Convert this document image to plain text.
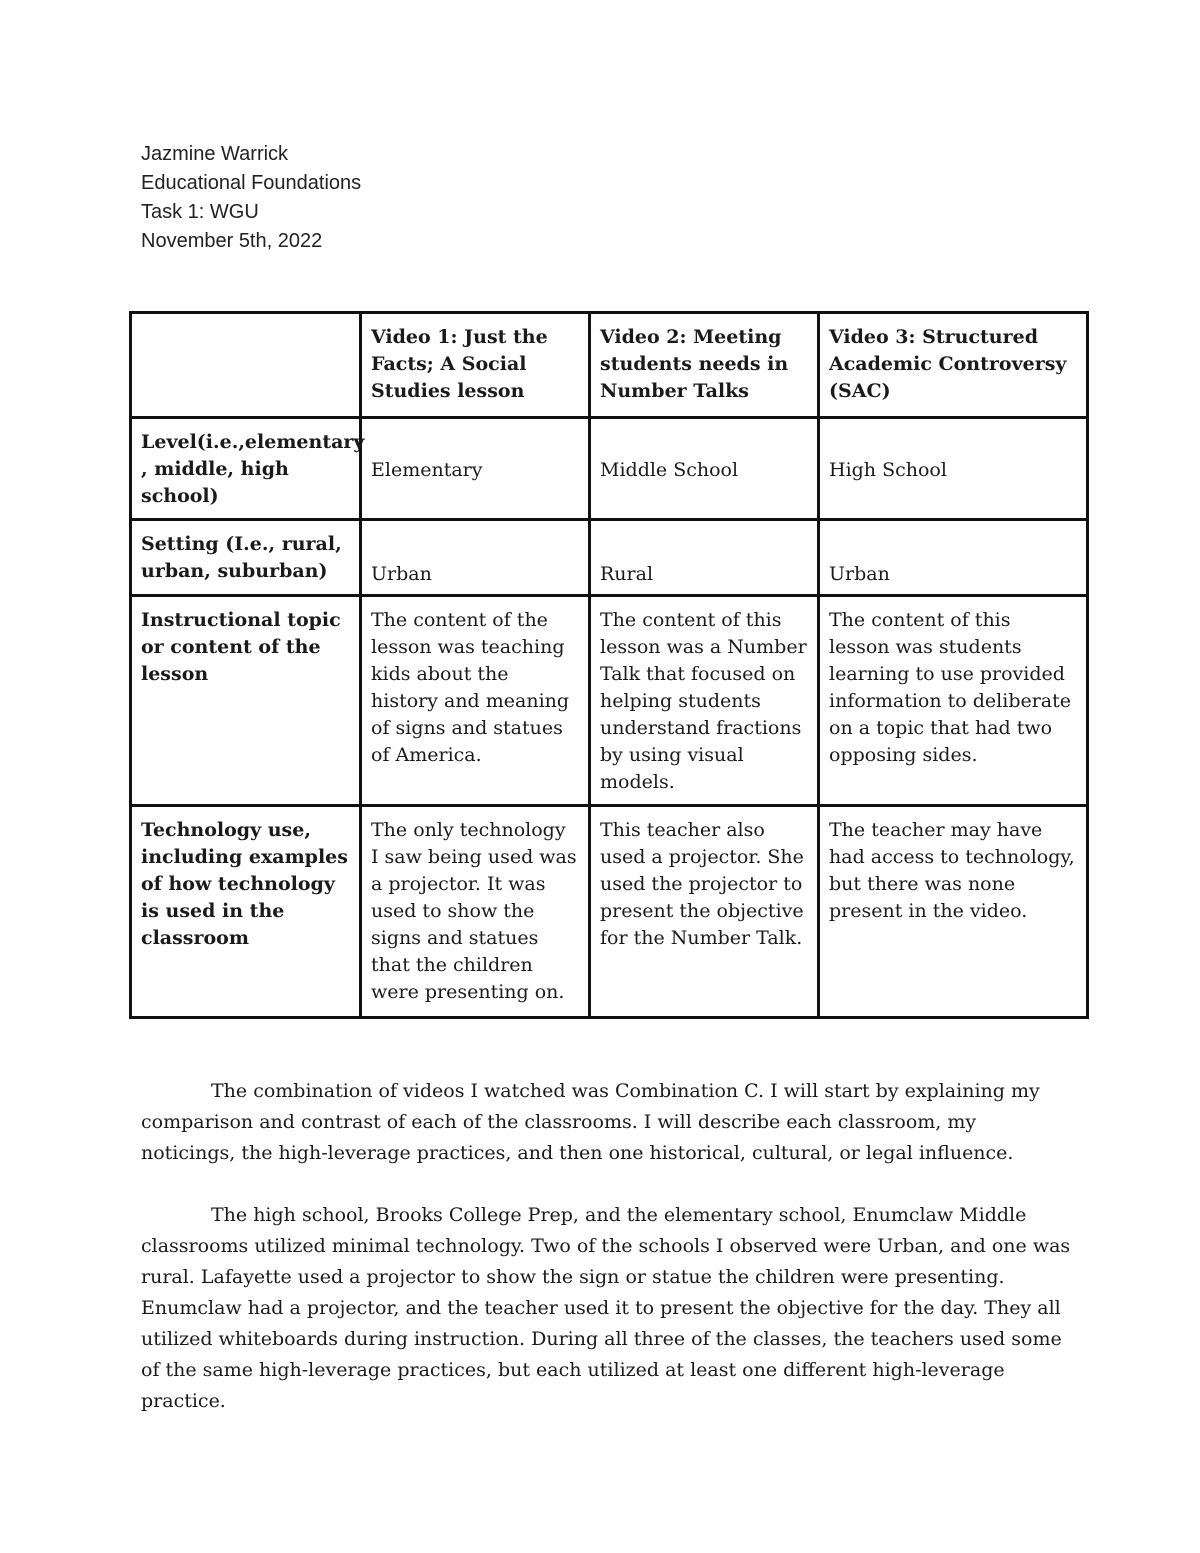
Jazmine Warrick
Educational Foundations
Task 1: WGU
November 5th, 2022
	Video 1: Just the Facts; A Social Studies lesson	Video 2: Meeting students needs in Number Talks	Video 3: Structured Academic Controversy (SAC)
Level(i.e.,elementary , middle, high school)	Elementary	Middle School	High School
Setting (I.e., rural, urban, suburban)	Urban	Rural	Urban
Instructional topic or content of the lesson	The content of the lesson was teaching kids about the history and meaning of signs and statues of America.	The content of this lesson was a Number Talk that focused on helping students understand fractions by using visual models.	The content of this lesson was students learning to use provided information to deliberate on a topic that had two opposing sides.
Technology use, including examples of how technology is used in the classroom	The only technology I saw being used was a projector. It was used to show the signs and statues that the children were presenting on.	This teacher also used a projector. She used the projector to present the objective for the Number Talk.	The teacher may have had access to technology, but there was none present in the video.

The combination of videos I watched was Combination C. I will start by explaining my comparison and contrast of each of the classrooms. I will describe each classroom, my noticings, the high-leverage practices, and then one historical, cultural, or legal influence.

The high school, Brooks College Prep, and the elementary school, Enumclaw Middle classrooms utilized minimal technology. Two of the schools I observed were Urban, and one was rural. Lafayette used a projector to show the sign or statue the children were presenting. Enumclaw had a projector, and the teacher used it to present the objective for the day. They all utilized whiteboards during instruction. During all three of the classes, the teachers used some of the same high-leverage practices, but each utilized at least one different high-leverage practice.
